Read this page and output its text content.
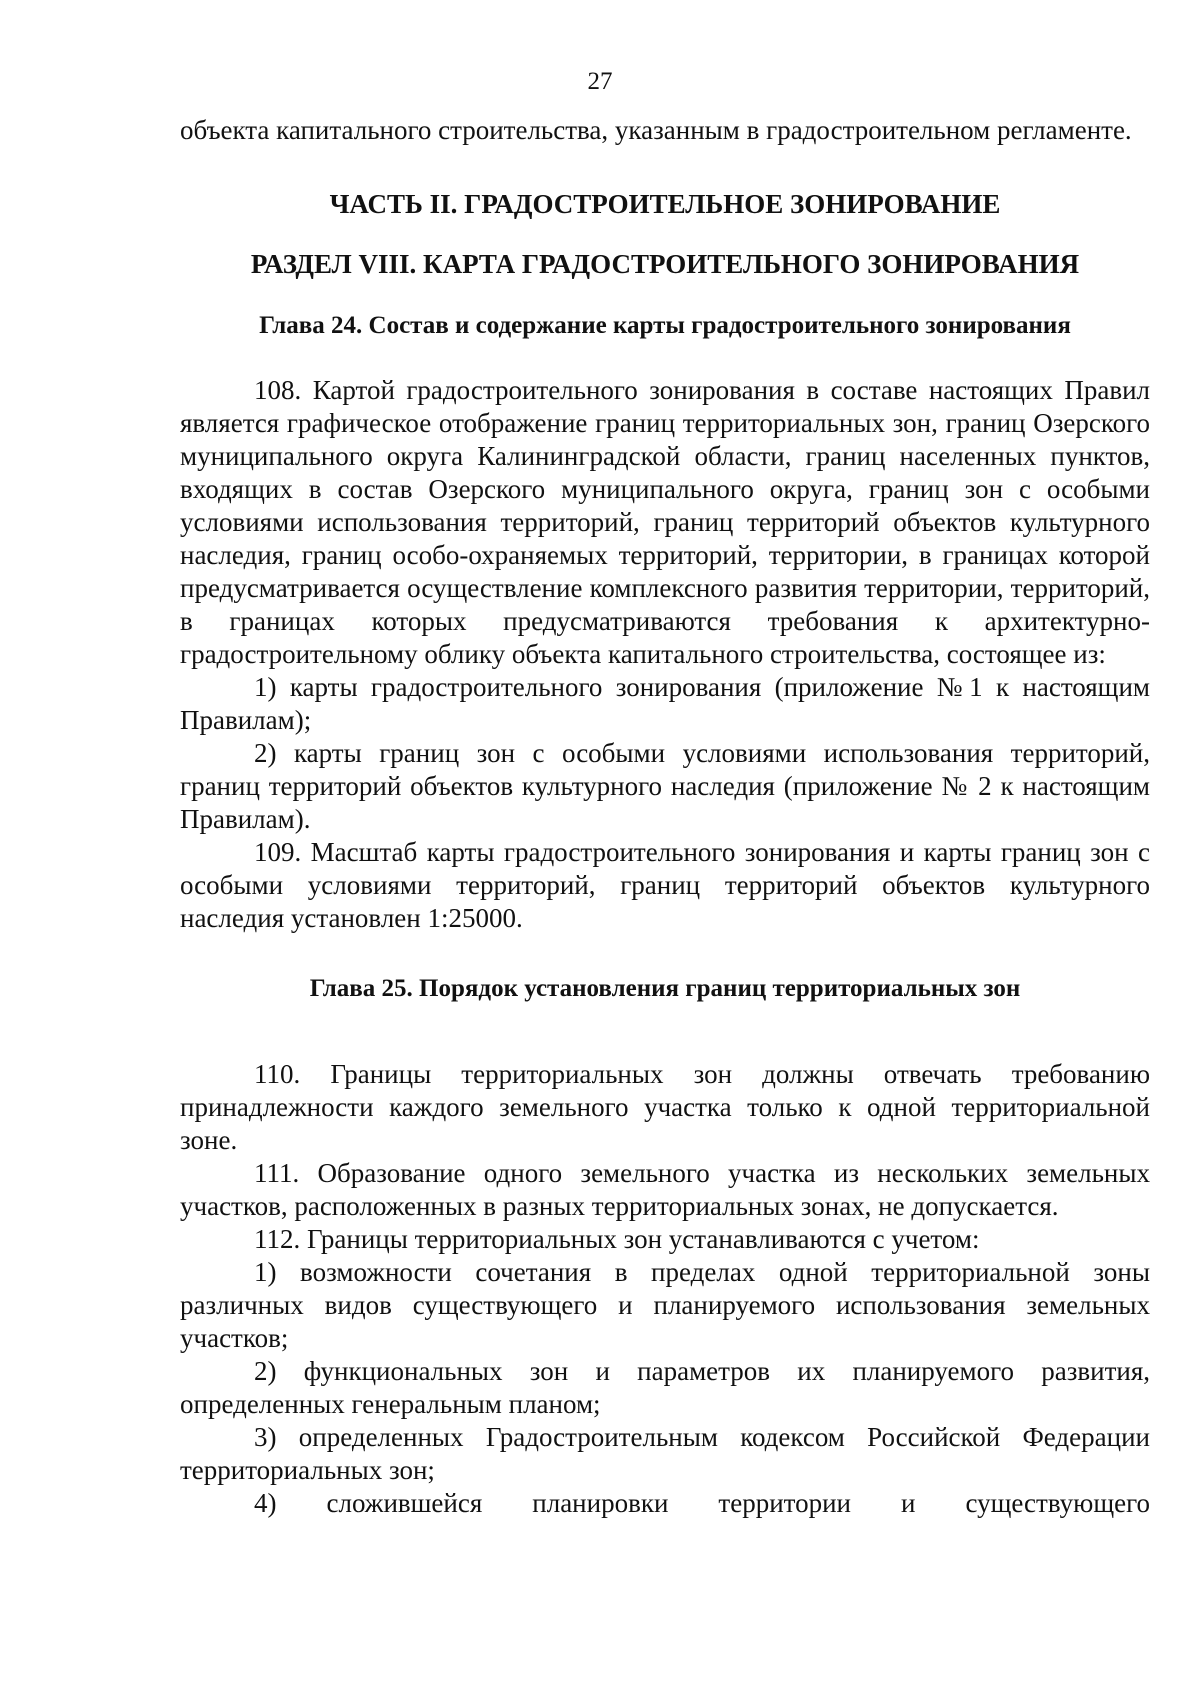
27

объекта капитального строительства, указанным в градостроительном регламенте.

ЧАСТЬ II. ГРАДОСТРОИТЕЛЬНОЕ ЗОНИРОВАНИЕ
РАЗДЕЛ VIII. КАРТА ГРАДОСТРОИТЕЛЬНОГО ЗОНИРОВАНИЯ
Глава 24. Состав и содержание карты градостроительного зонирования

108. Картой градостроительного зонирования в составе настоящих Правил является графическое отображение границ территориальных зон, границ Озерского муниципального округа Калининградской области, границ населенных пунктов, входящих в состав Озерского муниципального округа, границ зон с особыми условиями использования территорий, границ территорий объектов культурного наследия, границ особо-охраняемых территорий, территории, в границах которой предусматривается осуществление комплексного развития территории, территорий, в границах которых предусматриваются требования к архитектурно-градостроительному облику объекта капитального строительства, состоящее из:

1) карты градостроительного зонирования (приложение №1 к настоящим Правилам);

2) карты границ зон с особыми условиями использования территорий, границ территорий объектов культурного наследия (приложение № 2 к настоящим Правилам).

109. Масштаб карты градостроительного зонирования и карты границ зон с особыми условиями территорий, границ территорий объектов культурного наследия установлен 1:25000.

Глава 25. Порядок установления границ территориальных зон

110. Границы территориальных зон должны отвечать требованию принадлежности каждого земельного участка только к одной территориальной зоне.

111. Образование одного земельного участка из нескольких земельных участков, расположенных в разных территориальных зонах, не допускается.

112. Границы территориальных зон устанавливаются с учетом:

1) возможности сочетания в пределах одной территориальной зоны различных видов существующего и планируемого использования земельных участков;

2) функциональных зон и параметров их планируемого развития, определенных генеральным планом;

3) определенных Градостроительным кодексом Российской Федерации территориальных зон;

4) сложившейся планировки территории и существующего
